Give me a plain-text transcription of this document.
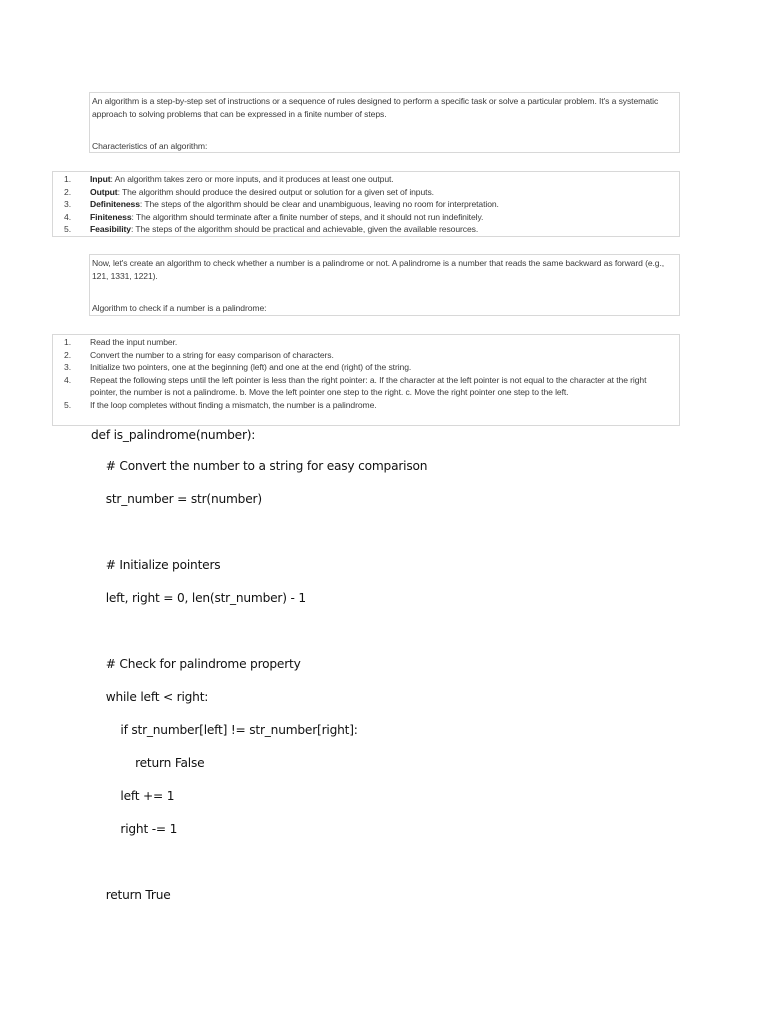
An algorithm is a step-by-step set of instructions or a sequence of rules designed to perform a specific task or solve a particular problem. It's a systematic approach to solving problems that can be expressed in a finite number of steps.

Characteristics of an algorithm:

1. Input: An algorithm takes zero or more inputs, and it produces at least one output.
2. Output: The algorithm should produce the desired output or solution for a given set of inputs.
3. Definiteness: The steps of the algorithm should be clear and unambiguous, leaving no room for interpretation.
4. Finiteness: The algorithm should terminate after a finite number of steps, and it should not run indefinitely.
5. Feasibility: The steps of the algorithm should be practical and achievable, given the available resources.

Now, let's create an algorithm to check whether a number is a palindrome or not. A palindrome is a number that reads the same backward as forward (e.g., 121, 1331, 1221).

Algorithm to check if a number is a palindrome:

1. Read the input number.
2. Convert the number to a string for easy comparison of characters.
3. Initialize two pointers, one at the beginning (left) and one at the end (right) of the string.
4. Repeat the following steps until the left pointer is less than the right pointer: a. If the character at the left pointer is not equal to the character at the right pointer, the number is not a palindrome. b. Move the left pointer one step to the right. c. Move the right pointer one step to the left.
5. If the loop completes without finding a mismatch, the number is a palindrome.
def is_palindrome(number):
# Convert the number to a string for easy comparison
str_number = str(number)
# Initialize pointers
left, right = 0, len(str_number) - 1
# Check for palindrome property
while left < right:
if str_number[left] != str_number[right]:
return False
left += 1
right -= 1
return True
